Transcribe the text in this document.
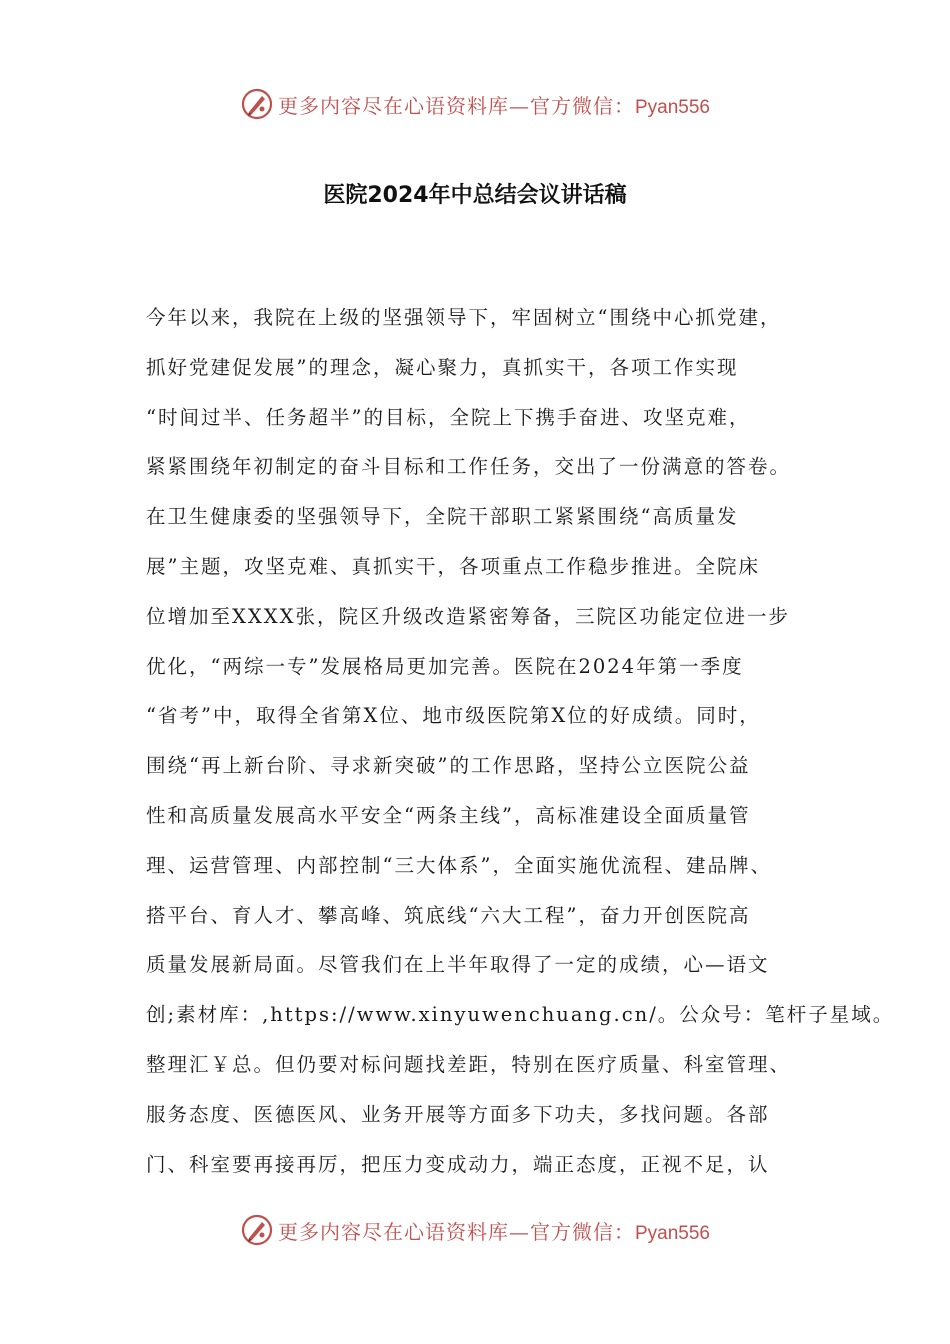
更多内容尽在心语资料库—官方微信：Pyan556
医院2024年中总结会议讲话稿
今年以来，我院在上级的坚强领导下，牢固树立“围绕中心抓党建，
抓好党建促发展”的理念，凝心聚力，真抓实干，各项工作实现
“时间过半、任务超半”的目标，全院上下携手奋进、攻坚克难，
紧紧围绕年初制定的奋斗目标和工作任务，交出了一份满意的答卷。
在卫生健康委的坚强领导下，全院干部职工紧紧围绕“高质量发
展”主题，攻坚克难、真抓实干，各项重点工作稳步推进。全院床
位增加至XXXX张，院区升级改造紧密筹备，三院区功能定位进一步
优化，“两综一专”发展格局更加完善。医院在2024年第一季度
“省考”中，取得全省第X位、地市级医院第X位的好成绩。同时，
围绕“再上新台阶、寻求新突破”的工作思路，坚持公立医院公益
性和高质量发展高水平安全“两条主线”，高标准建设全面质量管
理、运营管理、内部控制“三大体系”，全面实施优流程、建品牌、
搭平台、育人才、攀高峰、筑底线“六大工程”，奋力开创医院高
质量发展新局面。尽管我们在上半年取得了一定的成绩，心—语文
创;素材库：,https://www.xinyuwenchuang.cn/。公众号：笔杆子星域。
整理汇￥总。但仍要对标问题找差距，特别在医疗质量、科室管理、
服务态度、医德医风、业务开展等方面多下功夫，多找问题。各部
门、科室要再接再厉，把压力变成动力，端正态度，正视不足，认
更多内容尽在心语资料库—官方微信：Pyan556
